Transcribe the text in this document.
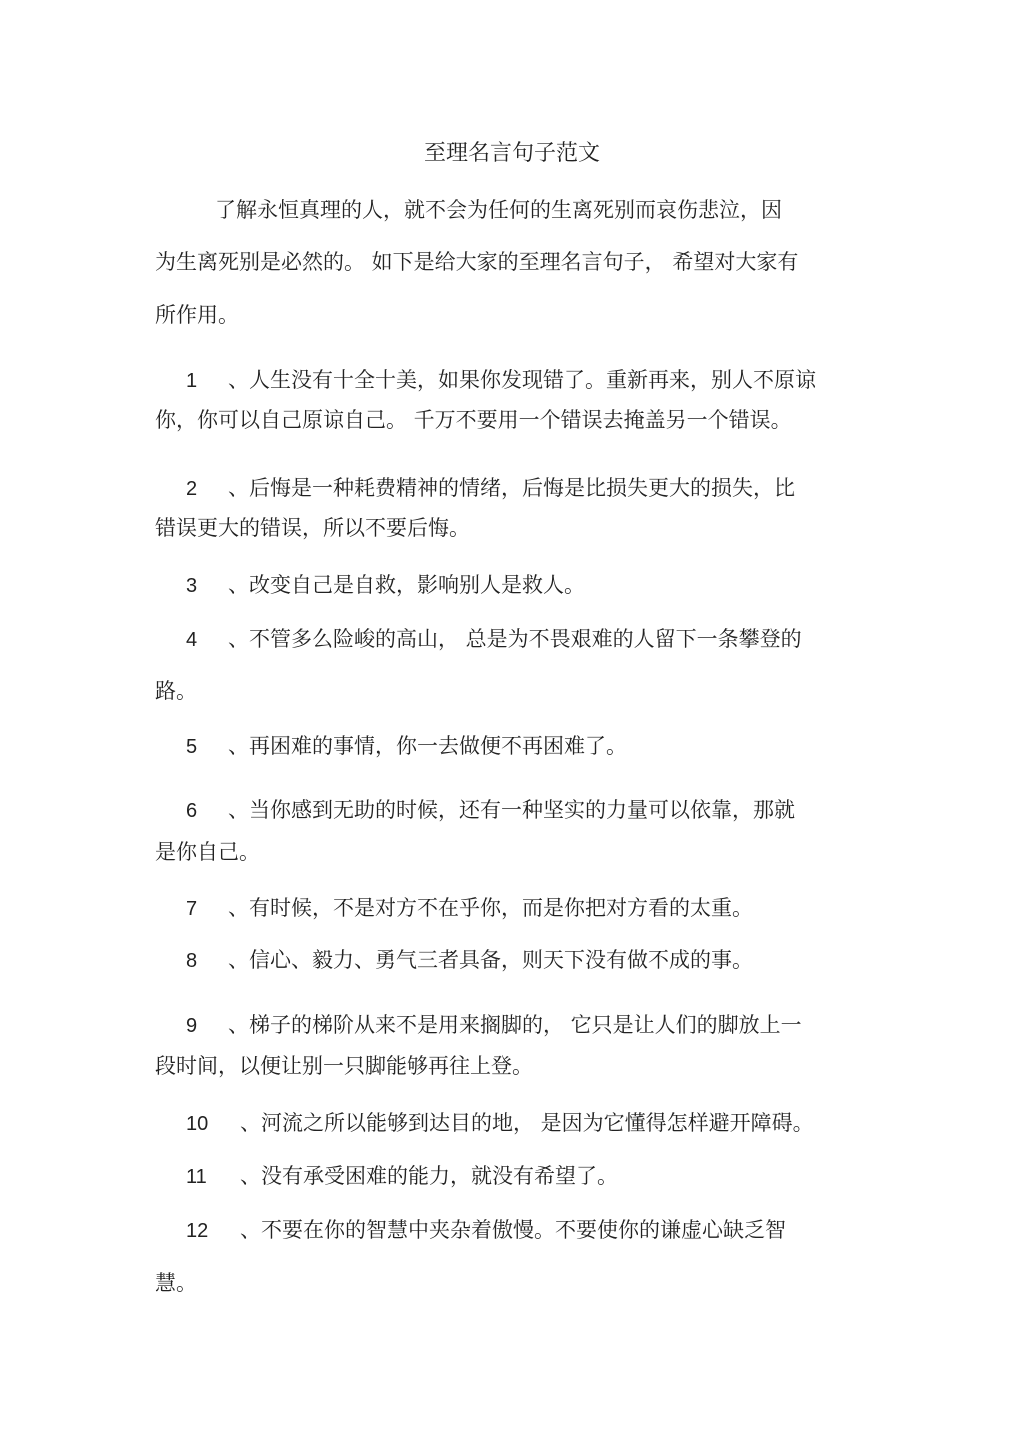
至理名言句子范文
了解永恒真理的人，就不会为任何的生离死别而哀伤悲泣，因
为生离死别是必然的。 如下是给大家的至理名言句子， 希望对大家有
所作用。
1 、人生没有十全十美，如果你发现错了。重新再来，别人不原谅
你，你可以自己原谅自己。 千万不要用一个错误去掩盖另一个错误。
2 、后悔是一种耗费精神的情绪，后悔是比损失更大的损失，比
错误更大的错误，所以不要后悔。
3 、改变自己是自救，影响别人是救人。
4 、不管多么险峻的高山， 总是为不畏艰难的人留下一条攀登的
路。
5 、再困难的事情，你一去做便不再困难了。
6 、当你感到无助的时候，还有一种坚实的力量可以依靠，那就
是你自己。
7 、有时候，不是对方不在乎你，而是你把对方看的太重。
8 、信心、毅力、勇气三者具备，则天下没有做不成的事。
9 、梯子的梯阶从来不是用来搁脚的， 它只是让人们的脚放上一
段时间，以便让别一只脚能够再往上登。
10 、河流之所以能够到达目的地， 是因为它懂得怎样避开障碍。
11 、没有承受困难的能力，就没有希望了。
12 、不要在你的智慧中夹杂着傲慢。不要使你的谦虚心缺乏智
慧。
